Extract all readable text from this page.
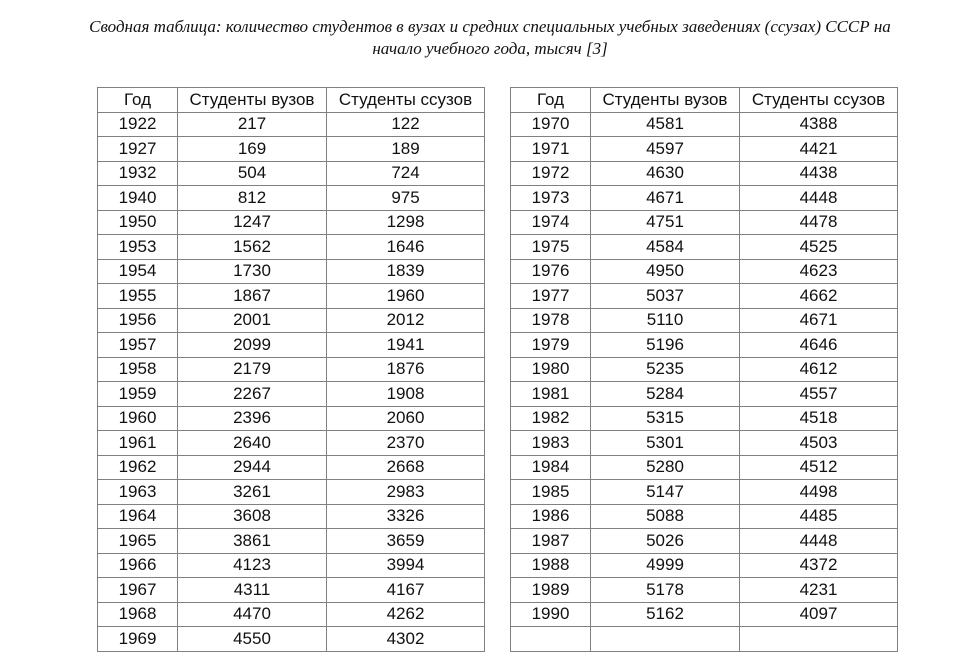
Сводная таблица: количество студентов в вузах и средних специальных учебных заведениях (ссузах) СССР на
начало учебного года, тысяч [3]
Год	Студенты вузов	Студенты ссузов
1922	217	122
1927	169	189
1932	504	724
1940	812	975
1950	1247	1298
1953	1562	1646
1954	1730	1839
1955	1867	1960
1956	2001	2012
1957	2099	1941
1958	2179	1876
1959	2267	1908
1960	2396	2060
1961	2640	2370
1962	2944	2668
1963	3261	2983
1964	3608	3326
1965	3861	3659
1966	4123	3994
1967	4311	4167
1968	4470	4262
1969	4550	4302
Год	Студенты вузов	Студенты ссузов
1970	4581	4388
1971	4597	4421
1972	4630	4438
1973	4671	4448
1974	4751	4478
1975	4584	4525
1976	4950	4623
1977	5037	4662
1978	5110	4671
1979	5196	4646
1980	5235	4612
1981	5284	4557
1982	5315	4518
1983	5301	4503
1984	5280	4512
1985	5147	4498
1986	5088	4485
1987	5026	4448
1988	4999	4372
1989	5178	4231
1990	5162	4097
